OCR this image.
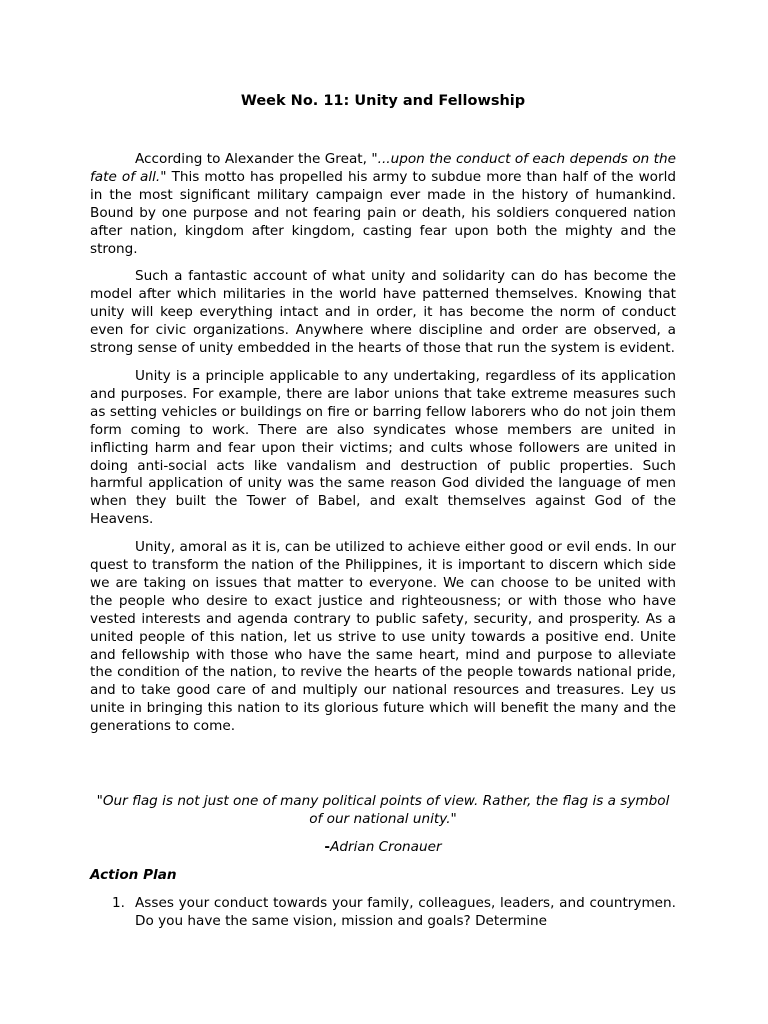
Week No. 11: Unity and Fellowship

According to Alexander the Great, "...upon the conduct of each depends on the fate of all." This motto has propelled his army to subdue more than half of the world in the most significant military campaign ever made in the history of humankind. Bound by one purpose and not fearing pain or death, his soldiers conquered nation after nation, kingdom after kingdom, casting fear upon both the mighty and the strong.

Such a fantastic account of what unity and solidarity can do has become the model after which militaries in the world have patterned themselves. Knowing that unity will keep everything intact and in order, it has become the norm of conduct even for civic organizations. Anywhere where discipline and order are observed, a strong sense of unity embedded in the hearts of those that run the system is evident.

Unity is a principle applicable to any undertaking, regardless of its application and purposes. For example, there are labor unions that take extreme measures such as setting vehicles or buildings on fire or barring fellow laborers who do not join them form coming to work. There are also syndicates whose members are united in inflicting harm and fear upon their victims; and cults whose followers are united in doing anti-social acts like vandalism and destruction of public properties. Such harmful application of unity was the same reason God divided the language of men when they built the Tower of Babel, and exalt themselves against God of the Heavens.

Unity, amoral as it is, can be utilized to achieve either good or evil ends. In our quest to transform the nation of the Philippines, it is important to discern which side we are taking on issues that matter to everyone. We can choose to be united with the people who desire to exact justice and righteousness; or with those who have vested interests and agenda contrary to public safety, security, and prosperity. As a united people of this nation, let us strive to use unity towards a positive end. Unite and fellowship with those who have the same heart, mind and purpose to alleviate the condition of the nation, to revive the hearts of the people towards national pride, and to take good care of and multiply our national resources and treasures. Ley us unite in bringing this nation to its glorious future which will benefit the many and the generations to come.

"Our flag is not just one of many political points of view. Rather, the flag is a symbol of our national unity."

-Adrian Cronauer

Action Plan

1. Asses your conduct towards your family, colleagues, leaders, and countrymen. Do you have the same vision, mission and goals? Determine
